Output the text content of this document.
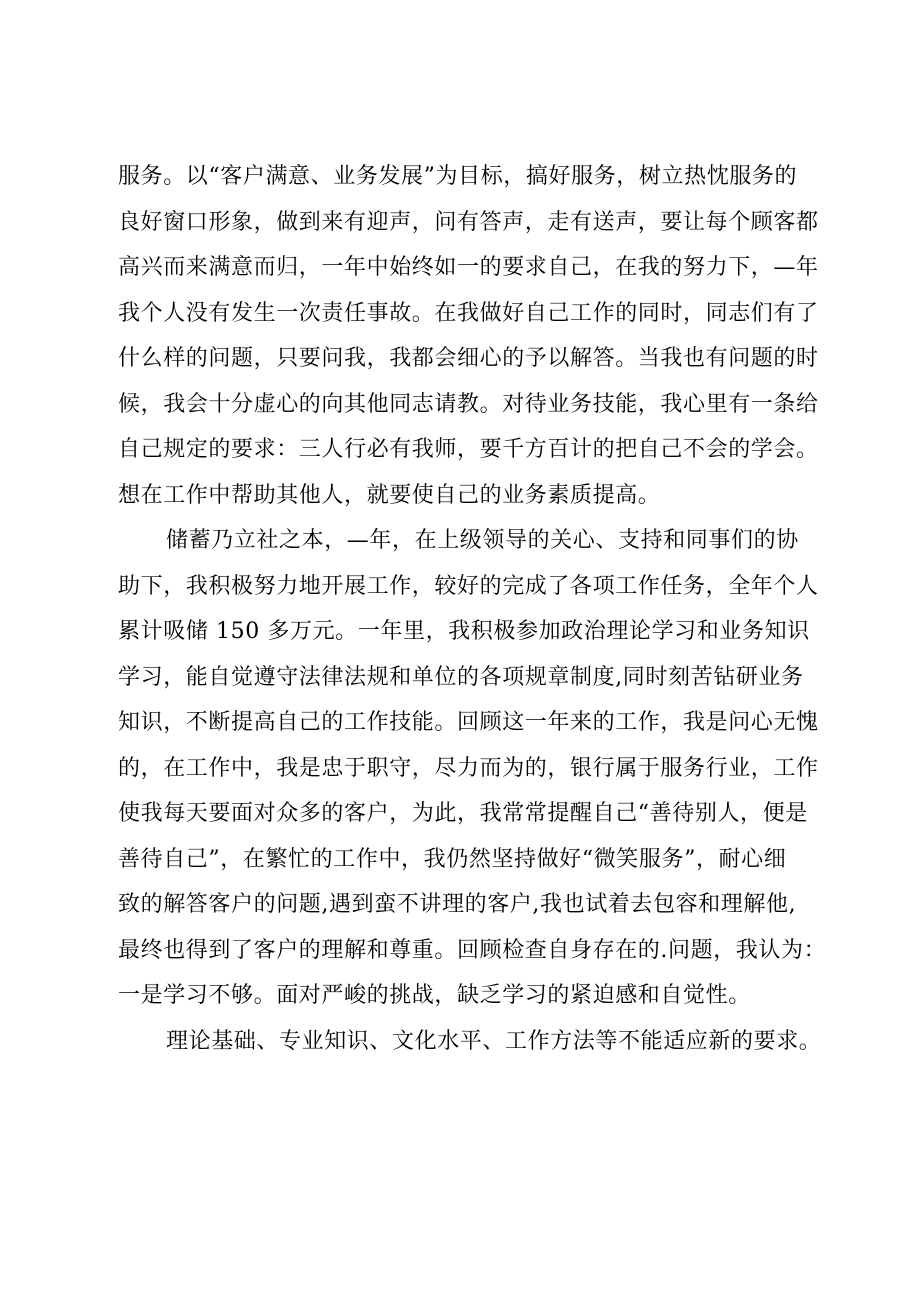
服务。以“客户满意、业务发展”为目标，搞好服务，树立热忱服务的
良好窗口形象，做到来有迎声，问有答声，走有送声，要让每个顾客都
高兴而来满意而归，一年中始终如一的要求自己，在我的努力下，—年
我个人没有发生一次责任事故。在我做好自己工作的同时，同志们有了
什么样的问题，只要问我，我都会细心的予以解答。当我也有问题的时
候，我会十分虚心的向其他同志请教。对待业务技能，我心里有一条给
自己规定的要求：三人行必有我师，要千方百计的把自己不会的学会。
想在工作中帮助其他人，就要使自己的业务素质提高。
储蓄乃立社之本，—年，在上级领导的关心、支持和同事们的协
助下，我积极努力地开展工作，较好的完成了各项工作任务，全年个人
累计吸储 150 多万元。一年里，我积极参加政治理论学习和业务知识
学习，能自觉遵守法律法规和单位的各项规章制度,同时刻苦钻研业务
知识，不断提高自己的工作技能。回顾这一年来的工作，我是问心无愧
的，在工作中，我是忠于职守，尽力而为的，银行属于服务行业，工作
使我每天要面对众多的客户，为此，我常常提醒自己“善待别人，便是
善待自己”，在繁忙的工作中，我仍然坚持做好“微笑服务”，耐心细
致的解答客户的问题,遇到蛮不讲理的客户,我也试着去包容和理解他,
最终也得到了客户的理解和尊重。回顾检查自身存在的.问题，我认为：
一是学习不够。面对严峻的挑战，缺乏学习的紧迫感和自觉性。
理论基础、专业知识、文化水平、工作方法等不能适应新的要求。
